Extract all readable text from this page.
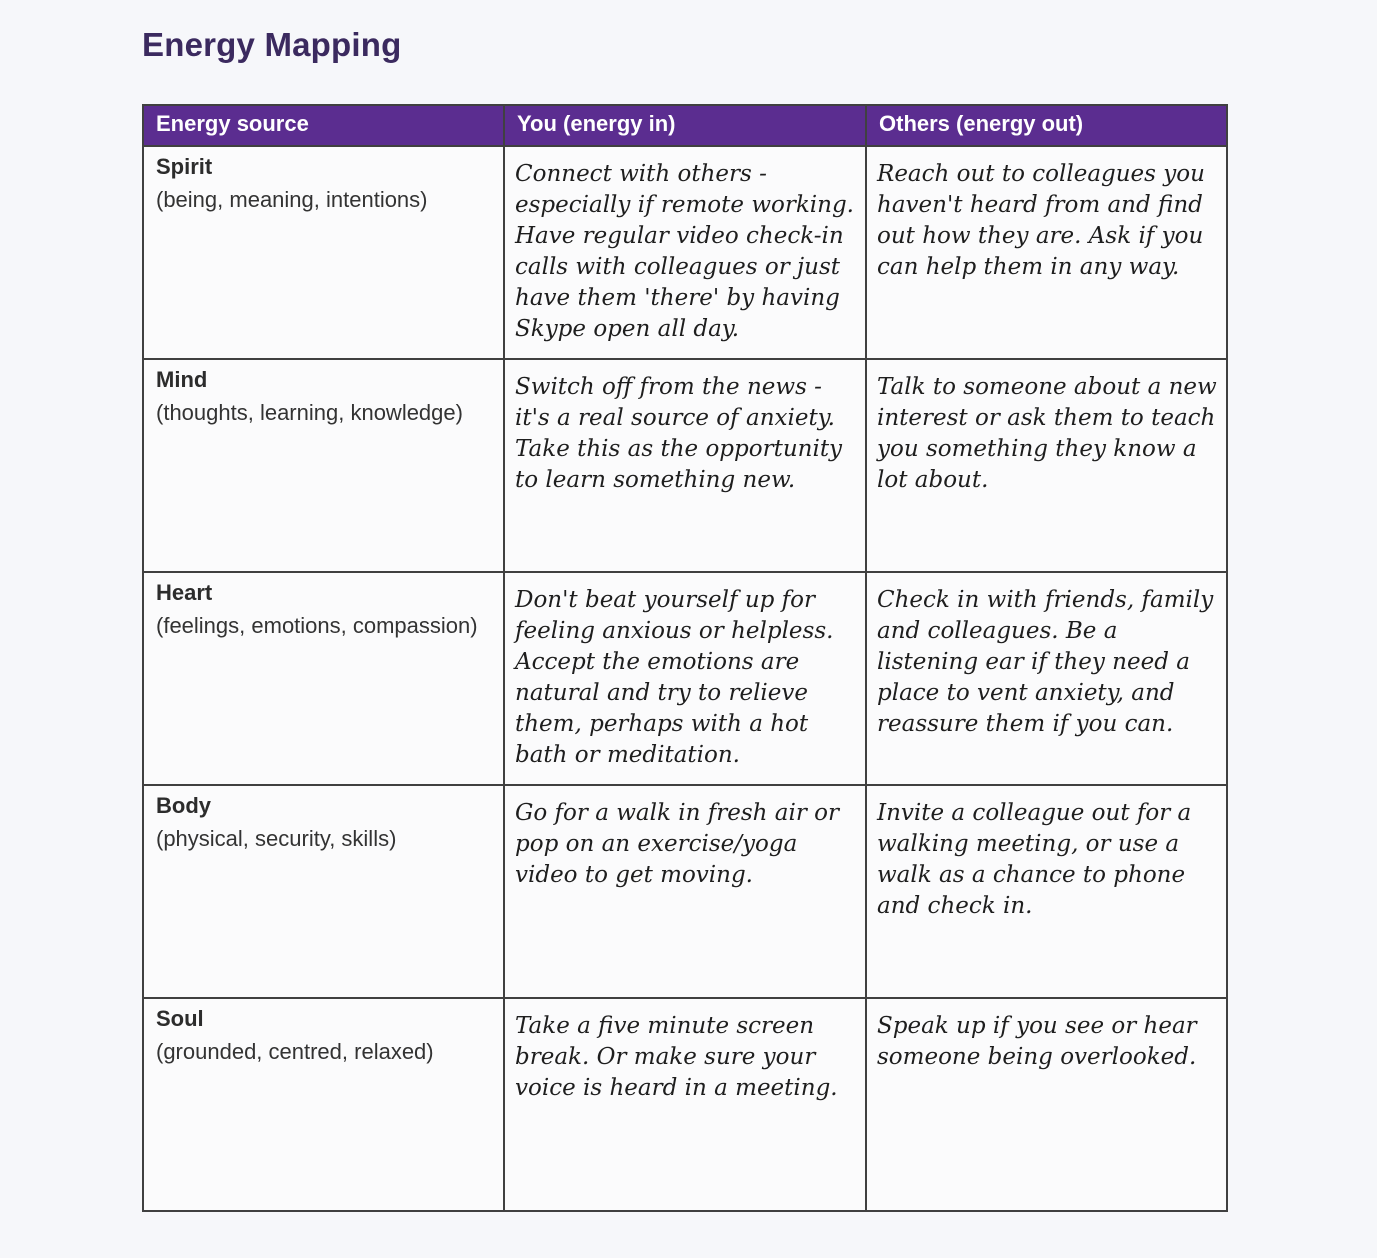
Energy Mapping
Energy source	You (energy in)	Others (energy out)

Spirit
(being, meaning, intentions)	Connect with others -especially if remote working. Have regular video check-in calls with colleagues or just have them 'there' by having Skype open all day.	Reach out to colleagues you haven't heard from and find out how they are. Ask if you can help them in any way.

Mind
(thoughts, learning, knowledge)	Switch off from the news - it's a real source of anxiety. Take this as the opportunity to learn something new.	Talk to someone about a new interest or ask them to teach you something they know a lot about.

Heart
(feelings, emotions, compassion)	Don't beat yourself up for feeling anxious or helpless. Accept the emotions are natural and try to relieve them, perhaps with a hot bath or meditation.	Check in with friends, family and colleagues. Be a listening ear if they need a place to vent anxiety, and reassure them if you can.

Body
(physical, security, skills)	Go for a walk in fresh air or pop on an exercise/yoga video to get moving.	Invite a colleague out for a walking meeting, or use a walk as a chance to phone and check in.

Soul
(grounded, centred, relaxed)	Take a five minute screen break. Or make sure your voice is heard in a meeting.	Speak up if you see or hear someone being overlooked.
